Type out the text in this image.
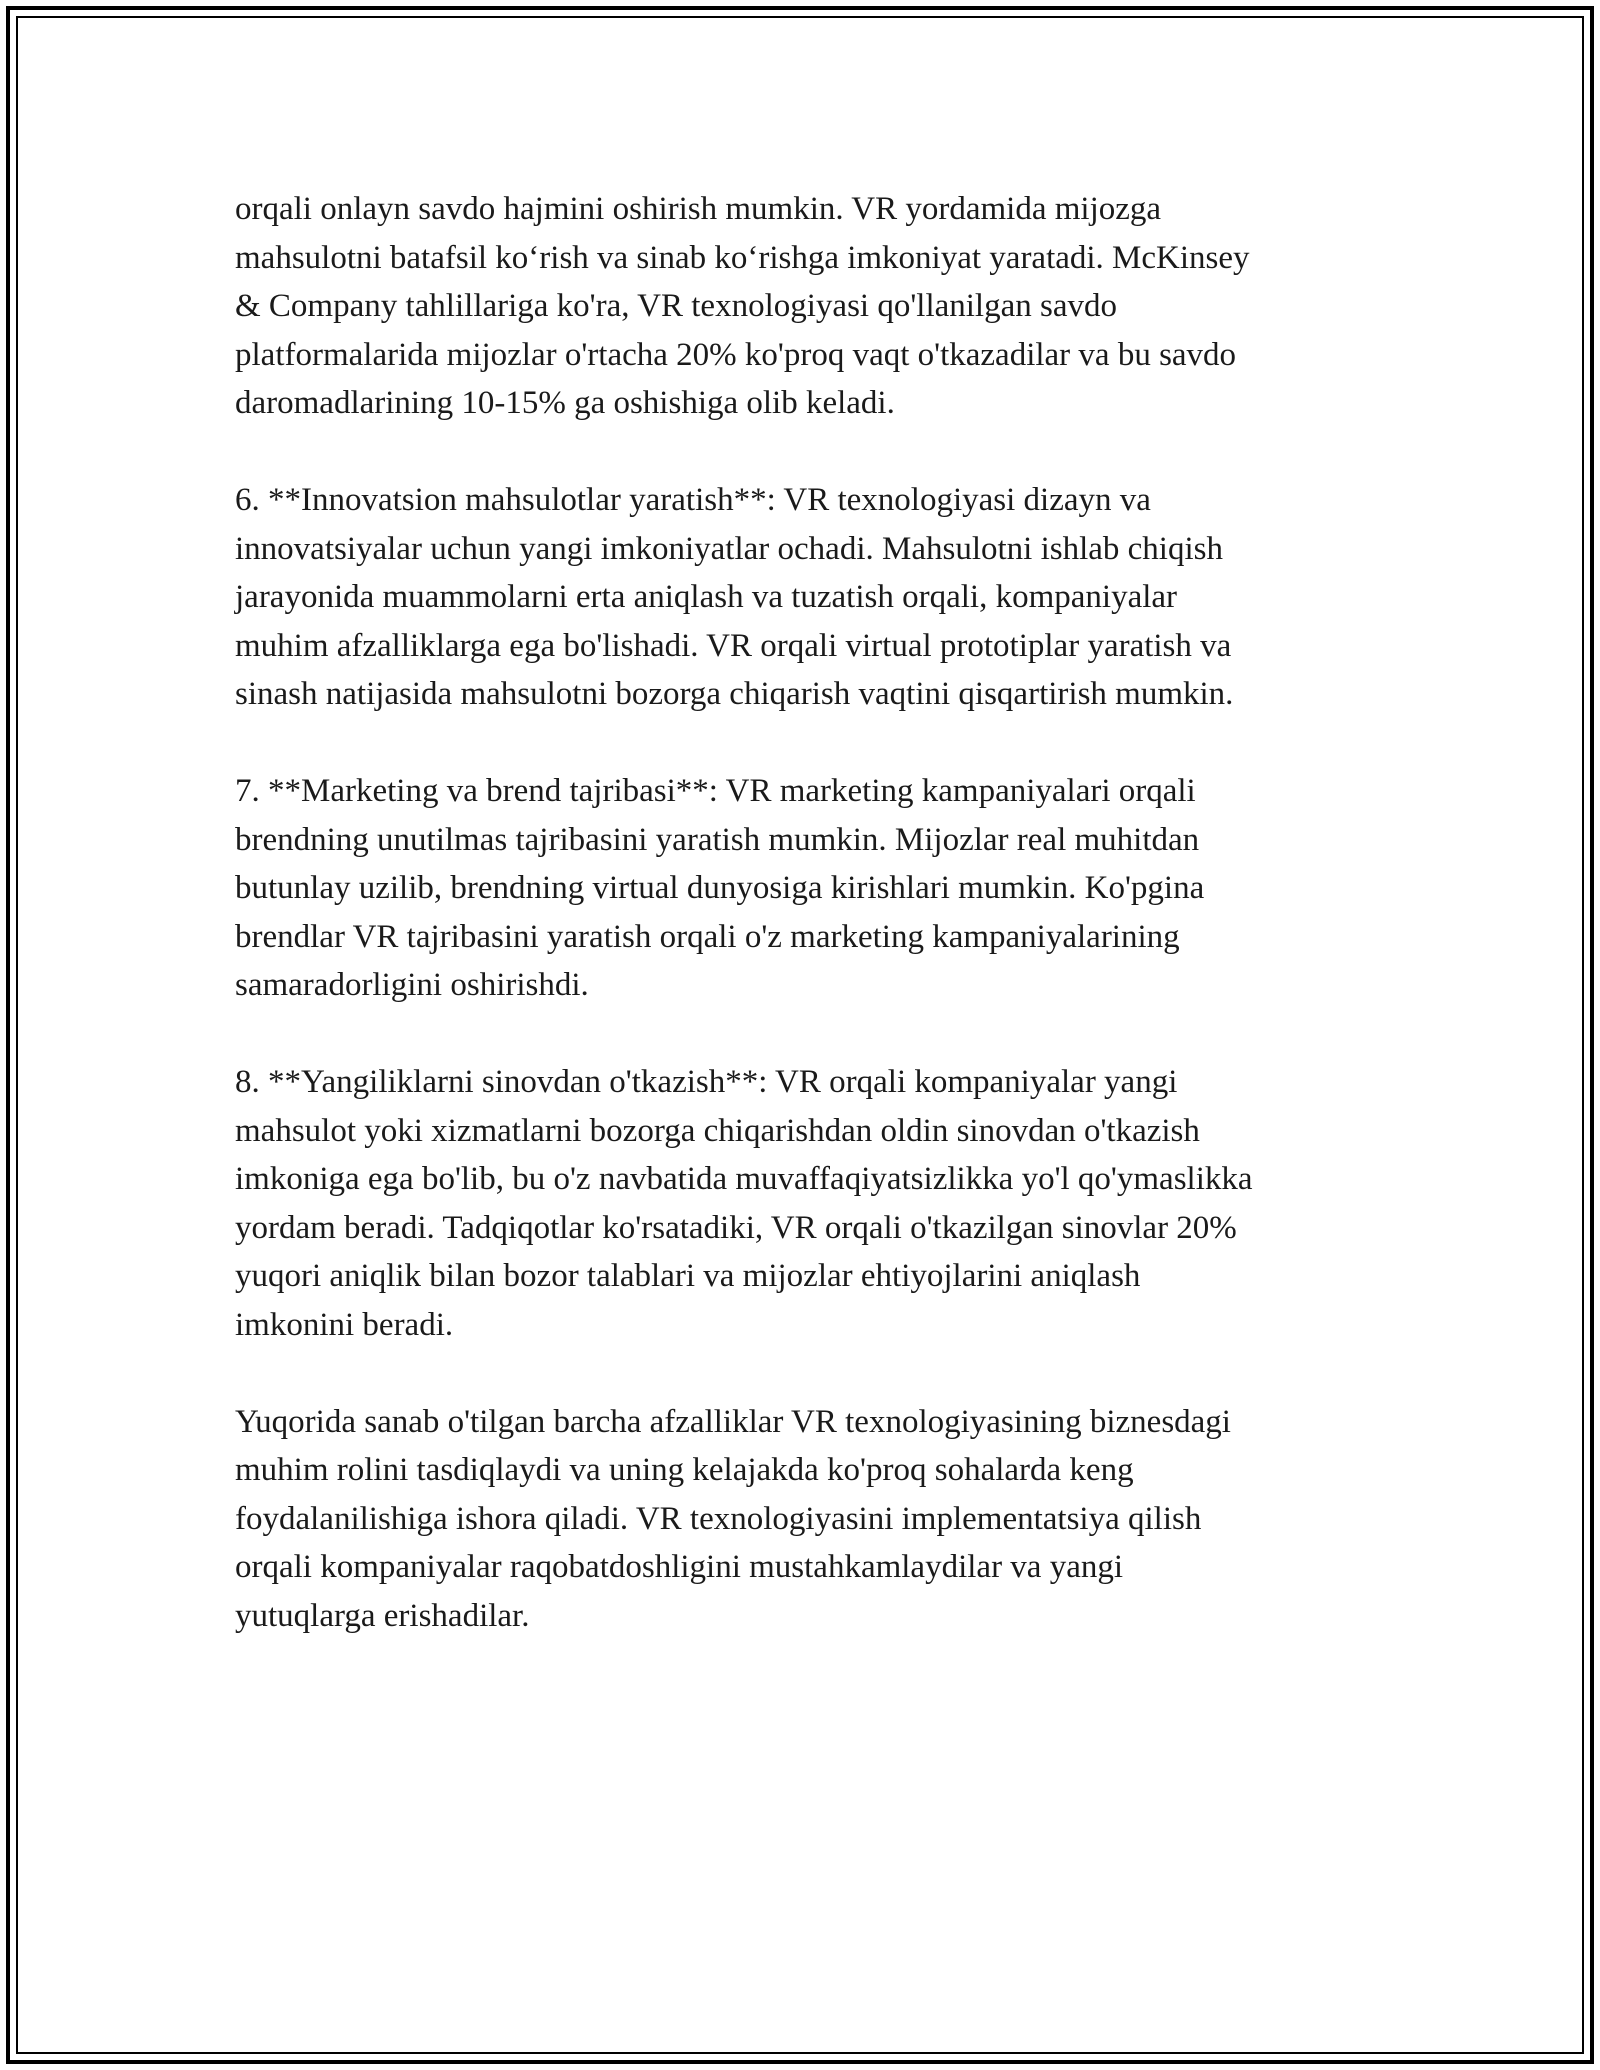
orqali onlayn savdo hajmini oshirish mumkin. VR yordamida mijozga
mahsulotni batafsil ko‘rish va sinab ko‘rishga imkoniyat yaratadi. McKinsey
& Company tahlillariga ko'ra, VR texnologiyasi qo'llanilgan savdo
platformalarida mijozlar o'rtacha 20% ko'proq vaqt o'tkazadilar va bu savdo
daromadlarining 10-15% ga oshishiga olib keladi.

6. **Innovatsion mahsulotlar yaratish**: VR texnologiyasi dizayn va
innovatsiyalar uchun yangi imkoniyatlar ochadi. Mahsulotni ishlab chiqish
jarayonida muammolarni erta aniqlash va tuzatish orqali, kompaniyalar
muhim afzalliklarga ega bo'lishadi. VR orqali virtual prototiplar yaratish va
sinash natijasida mahsulotni bozorga chiqarish vaqtini qisqartirish mumkin.

7. **Marketing va brend tajribasi**: VR marketing kampaniyalari orqali
brendning unutilmas tajribasini yaratish mumkin. Mijozlar real muhitdan
butunlay uzilib, brendning virtual dunyosiga kirishlari mumkin. Ko'pgina
brendlar VR tajribasini yaratish orqali o'z marketing kampaniyalarining
samaradorligini oshirishdi.

8. **Yangiliklarni sinovdan o'tkazish**: VR orqali kompaniyalar yangi
mahsulot yoki xizmatlarni bozorga chiqarishdan oldin sinovdan o'tkazish
imkoniga ega bo'lib, bu o'z navbatida muvaffaqiyatsizlikka yo'l qo'ymaslikka
yordam beradi. Tadqiqotlar ko'rsatadiki, VR orqali o'tkazilgan sinovlar 20%
yuqori aniqlik bilan bozor talablari va mijozlar ehtiyojlarini aniqlash
imkonini beradi.

Yuqorida sanab o'tilgan barcha afzalliklar VR texnologiyasining biznesdagi
muhim rolini tasdiqlaydi va uning kelajakda ko'proq sohalarda keng
foydalanilishiga ishora qiladi. VR texnologiyasini implementatsiya qilish
orqali kompaniyalar raqobatdoshligini mustahkamlaydilar va yangi
yutuqlarga erishadilar.
